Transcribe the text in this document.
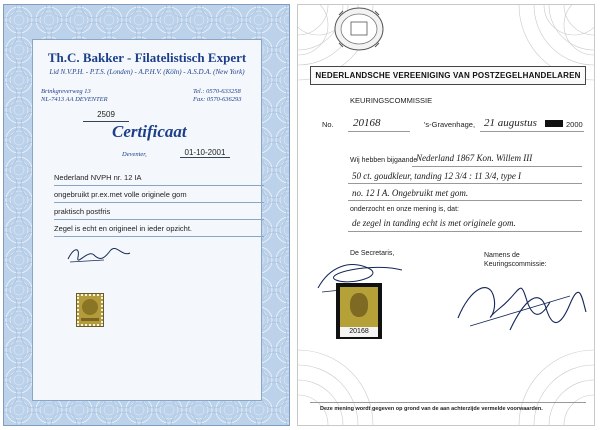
Th.C. Bakker - Filatelistisch Expert
Lid N.V.P.H. - P.T.S. (Londen) - A.P.H.V. (Köln) - A.S.D.A. (New York)
Brinkgreverweg 13
NL-7413 AA DEVENTER
Tel.: 0570-633258
Fax: 0570-636293
2509
Certificaat
Deventer,	01-10-2001
Nederland NVPH nr. 12 IA
ongebruikt pr.ex.met volle originele gom
praktisch postfris
Zegel is echt en origineel in ieder opzicht.
NEDERLANDSCHE VEREENIGING VAN POSTZEGELHANDELAREN
KEURINGSCOMMISSIE
No. 20168	's-Gravenhage, 21 augustus	2000
Wij hebben bijgaande
Nederland 1867 Kon. Willem III
50 ct. goudkleur, tanding 12 3/4 : 11 3/4, type I
no. 12 I A. Ongebruikt met gom.
onderzocht en onze mening is, dat:
de zegel in tanding echt is met originele gom.
De Secretaris,	Namens de
Keuringscommissie:
20168
Deze mening wordt gegeven op grond van de aan achterzijde vermelde voorwaarden.
